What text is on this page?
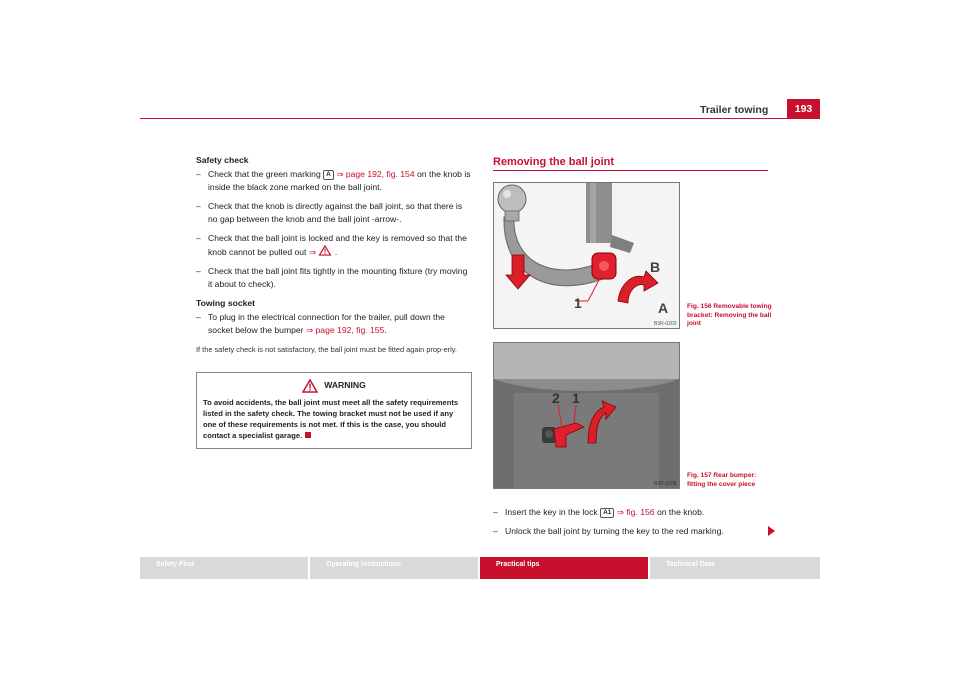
Trailer towing	193
Safety check
– Check that the green marking A ⇒ page 192, fig. 154 on the knob is inside the black zone marked on the ball joint.
– Check that the knob is directly against the ball joint, so that there is no gap between the knob and the ball joint -arrow-.
– Check that the ball joint is locked and the key is removed so that the knob cannot be pulled out ⇒ .
– Check that the ball joint fits tightly in the mounting fixture (try moving it about to check).
Towing socket
– To plug in the electrical connection for the trailer, pull down the socket below the bumper ⇒ page 192, fig. 155.
If the safety check is not satisfactory, the ball joint must be fitted again prop-erly.
WARNING
To avoid accidents, the ball joint must meet all the safety requirements listed in the safety check. The towing bracket must not be used if any one of these requirements is not met. If this is the case, you should contact a specialist garage.
Removing the ball joint
B
1	A
B3R-0203
2 1
B3R-0206
Fig. 156 Removable towing bracket: Removing the ball joint
Fig. 157 Rear bumper: fitting the cover piece
– Insert the key in the lock A1 ⇒ fig. 156 on the knob.
– Unlock the ball joint by turning the key to the red marking.
Safety First	Operating instructions	Practical tips	Technical Data
